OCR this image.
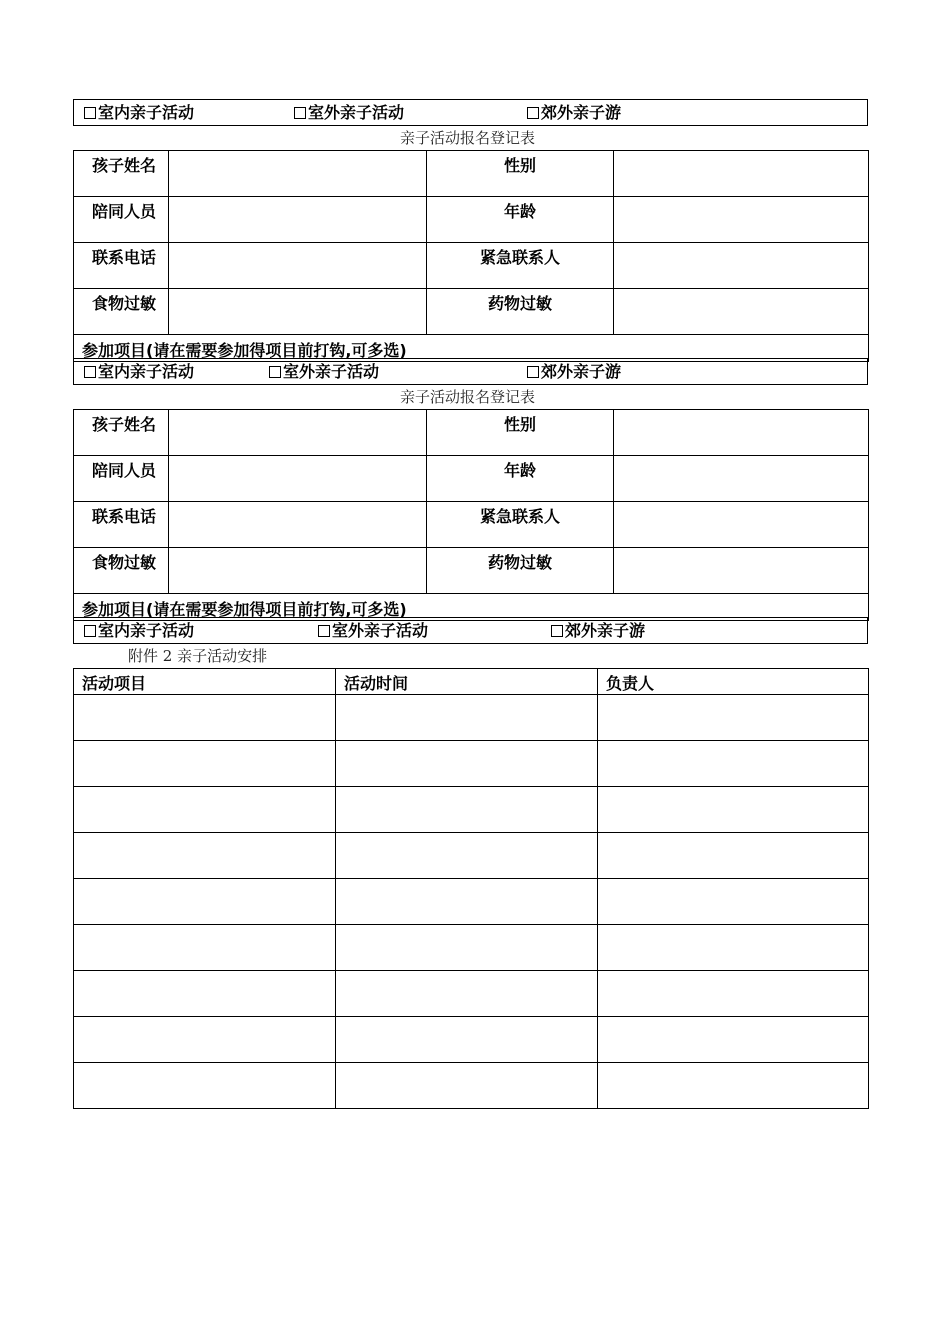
室内亲子活动	室外亲子活动	郊外亲子游
亲子活动报名登记表
孩子姓名		性别	
陪同人员		年龄	
联系电话		紧急联系人	
食物过敏		药物过敏	
参加项目(请在需要参加得项目前打钩,可多选)			
室内亲子活动	室外亲子活动	郊外亲子游
亲子活动报名登记表
孩子姓名		性别	
陪同人员		年龄	
联系电话		紧急联系人	
食物过敏		药物过敏	
参加项目(请在需要参加得项目前打钩,可多选)			
室内亲子活动	室外亲子活动	郊外亲子游
附件 2 亲子活动安排
活动项目	活动时间	负责人
